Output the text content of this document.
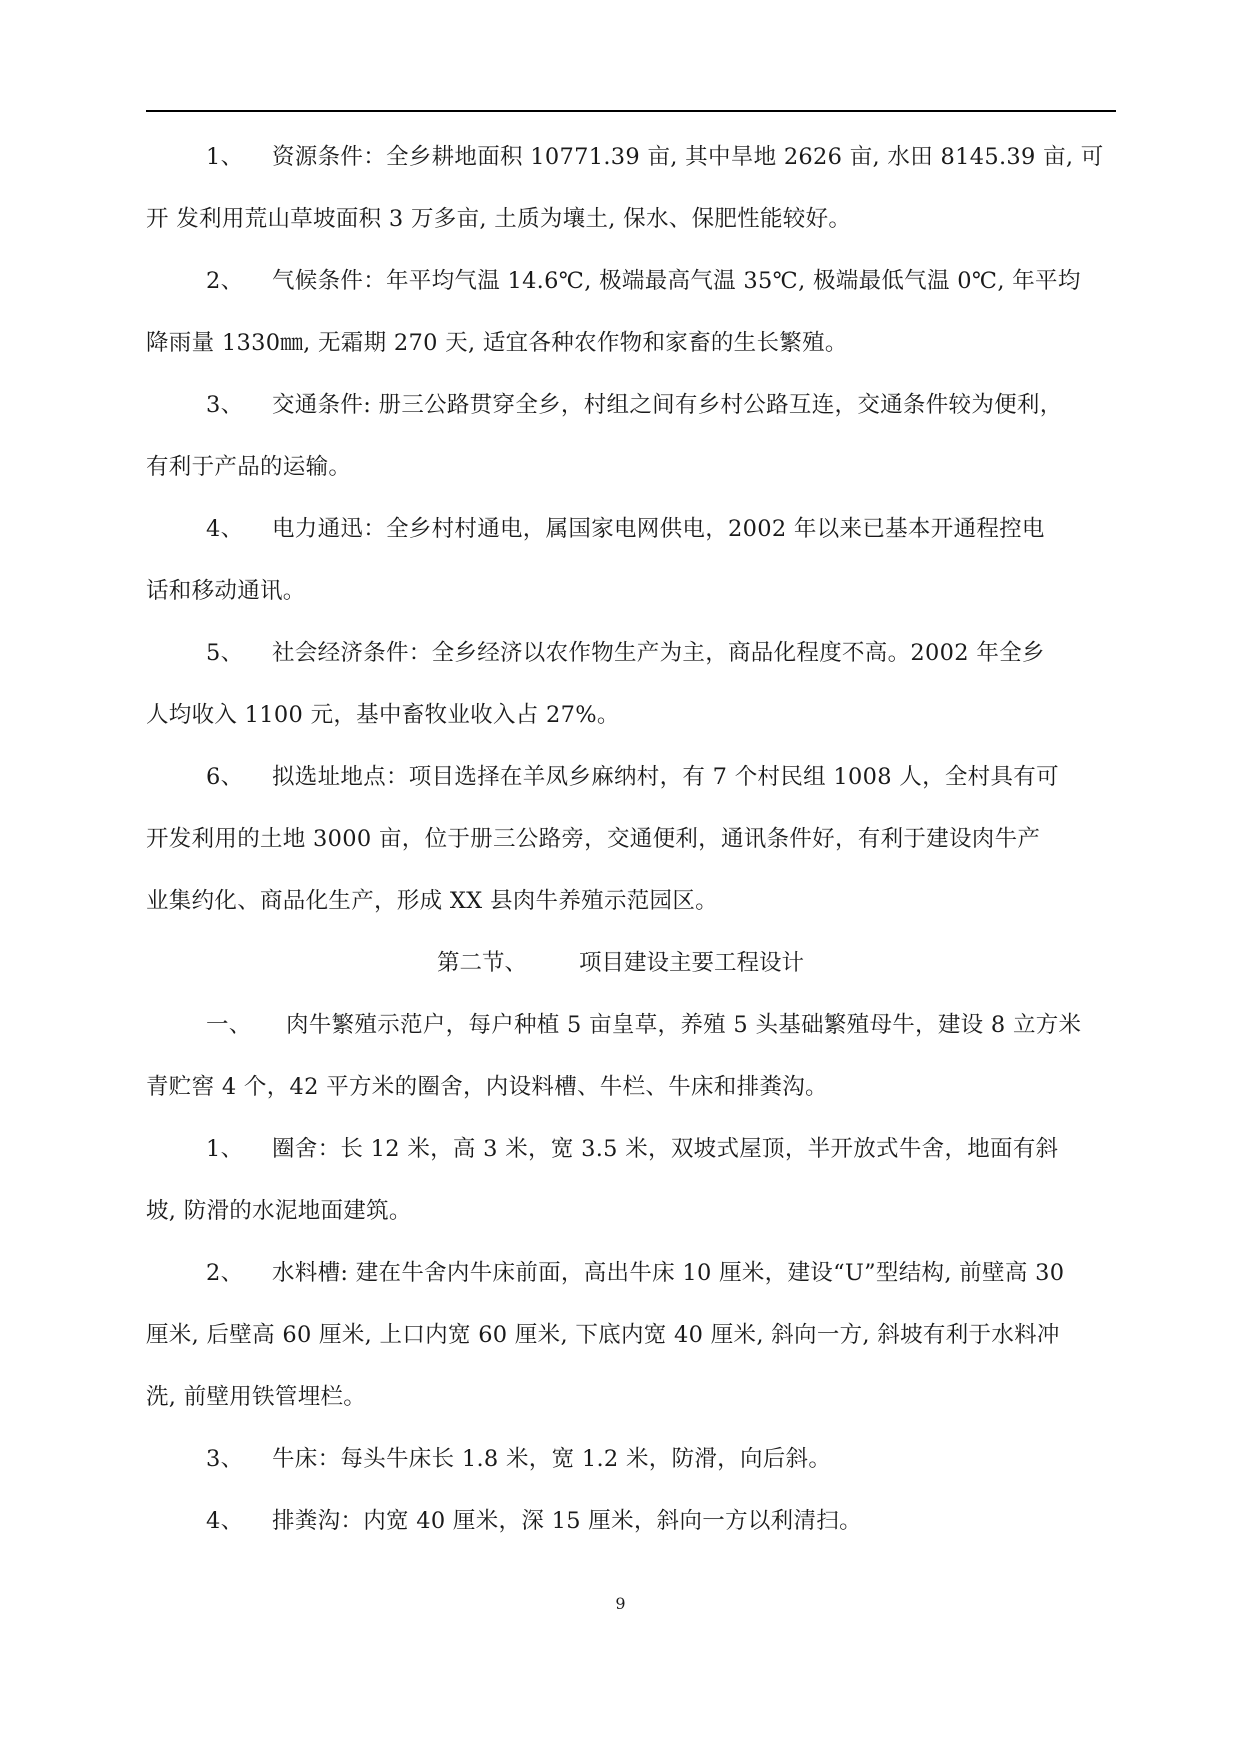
1、 资源条件：全乡耕地面积 10771.39 亩, 其中旱地 2626 亩, 水田 8145.39 亩, 可
开 发利用荒山草坡面积 3 万多亩, 土质为壤土, 保水、保肥性能较好。
2、 气候条件：年平均气温 14.6℃, 极端最高气温 35℃, 极端最低气温 0℃, 年平均
降雨量 1330㎜, 无霜期 270 天, 适宜各种农作物和家畜的生长繁殖。
3、 交通条件: 册三公路贯穿全乡，村组之间有乡村公路互连，交通条件较为便利，
有利于产品的运输。
4、 电力通迅：全乡村村通电，属国家电网供电，2002 年以来已基本开通程控电
话和移动通讯。
5、 社会经济条件：全乡经济以农作物生产为主，商品化程度不高。2002 年全乡
人均收入 1100 元，基中畜牧业收入占 27%。
6、 拟选址地点：项目选择在羊凤乡麻纳村，有 7 个村民组 1008 人，全村具有可
开发利用的土地 3000 亩，位于册三公路旁，交通便利，通讯条件好，有利于建设肉牛产
业集约化、商品化生产，形成 XX 县肉牛养殖示范园区。
第二节、 项目建设主要工程设计
一、 肉牛繁殖示范户，每户种植 5 亩皇草，养殖 5 头基础繁殖母牛，建设 8 立方米
青贮窖 4 个，42 平方米的圈舍，内设料槽、牛栏、牛床和排粪沟。
1、 圈舍：长 12 米，高 3 米，宽 3.5 米，双坡式屋顶，半开放式牛舍，地面有斜
坡, 防滑的水泥地面建筑。
2、 水料槽: 建在牛舍内牛床前面，高出牛床 10 厘米，建设“U”型结构, 前壁高 30
厘米, 后壁高 60 厘米, 上口内宽 60 厘米, 下底内宽 40 厘米, 斜向一方, 斜坡有利于水料冲
洗, 前壁用铁管埋栏。
3、 牛床：每头牛床长 1.8 米，宽 1.2 米，防滑，向后斜。
4、 排粪沟：内宽 40 厘米，深 15 厘米，斜向一方以利清扫。
9
